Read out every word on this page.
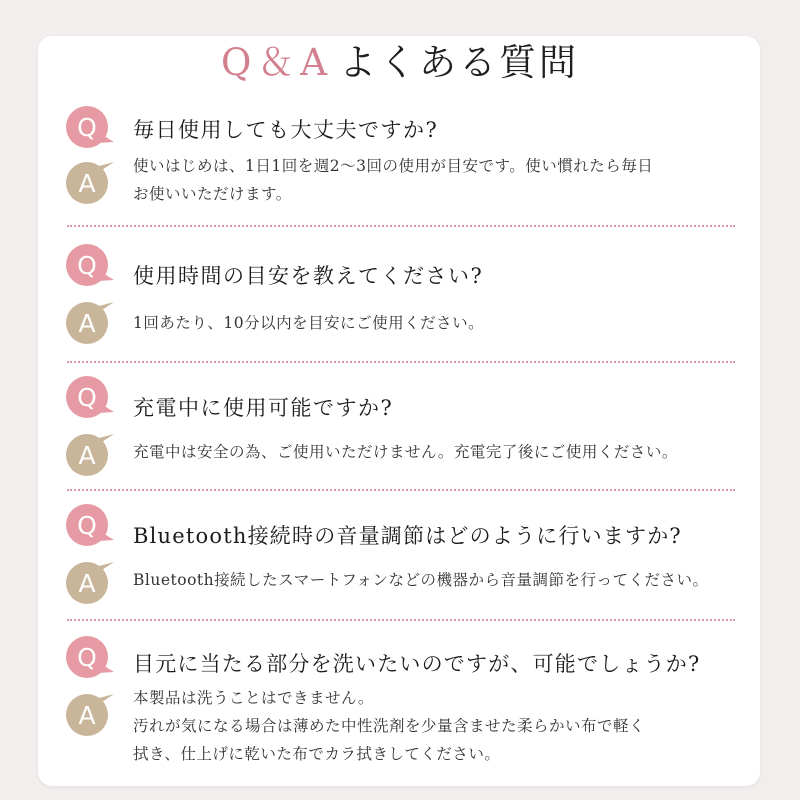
Q＆A よくある質問
Q	毎日使用しても大丈夫ですか?
A

使いはじめは、1日1回を週2～3回の使用が目安です。使い慣れたら毎日

お使いいただけます。

Q	使用時間の目安を教えてください?
A	1回あたり、10分以内を目安にご使用ください。

Q	充電中に使用可能ですか?
A	充電中は安全の為、ご使用いただけません。充電完了後にご使用ください。

Q	Bluetooth接続時の音量調節はどのように行いますか?
A	Bluetooth接続したスマートフォンなどの機器から音量調節を行ってください。

Q	目元に当たる部分を洗いたいのですが、可能でしょうか?
A

本製品は洗うことはできません。

汚れが気になる場合は薄めた中性洗剤を少量含ませた柔らかい布で軽く

拭き、仕上げに乾いた布でカラ拭きしてください。
